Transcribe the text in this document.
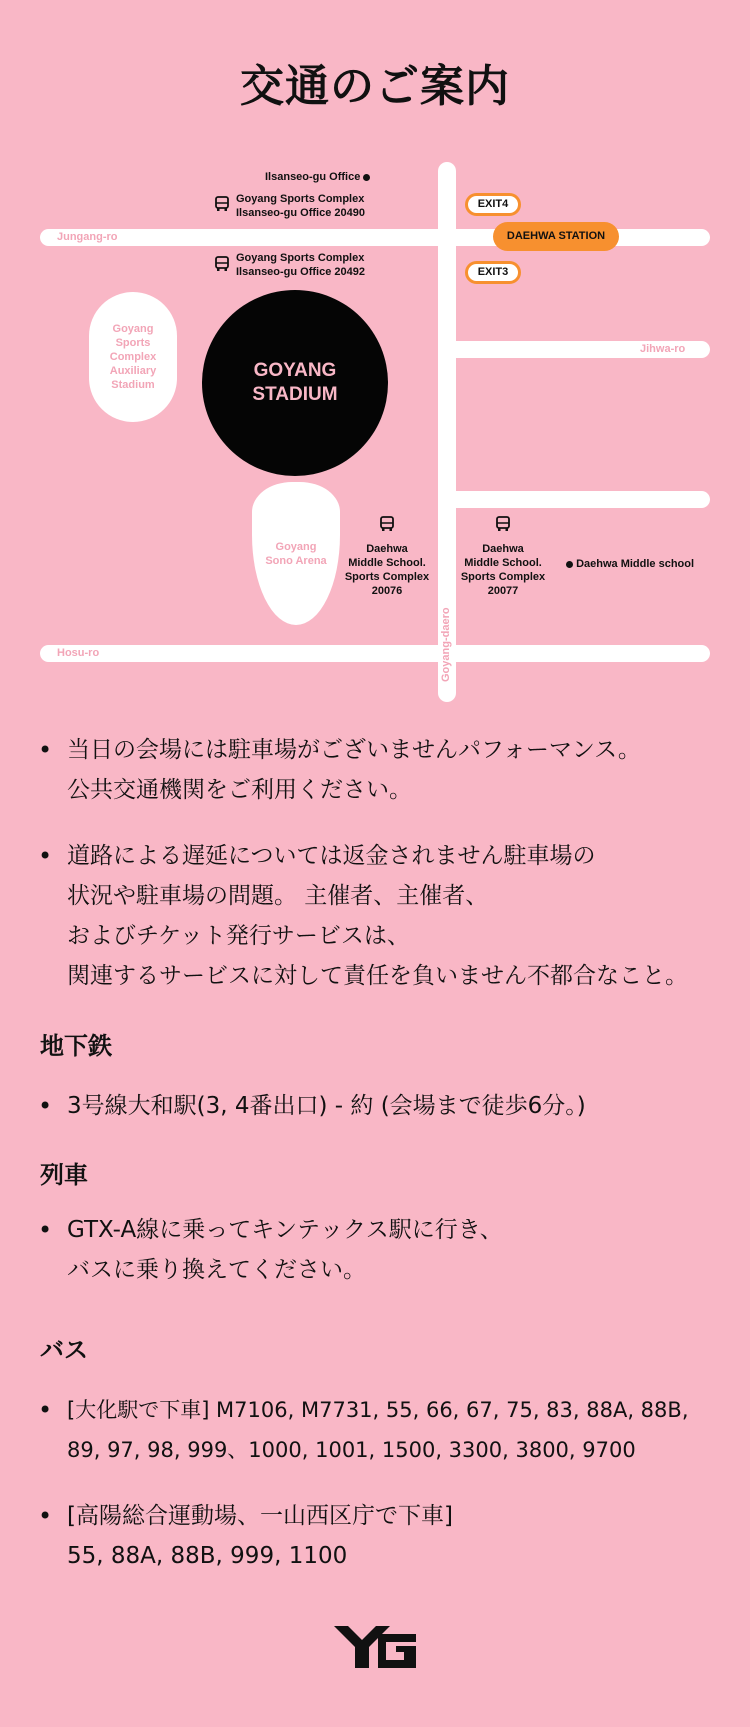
交通のご案内
Jungang-ro
Jihwa-ro
Hosu-ro	Goyang-daero
Ilsanseo-gu Office
Goyang Sports Complex
Ilsanseo-gu Office 20490
Goyang Sports Complex
Ilsanseo-gu Office 20492
EXIT4
DAEHWA STATION
EXIT3
Goyang
Sports
Complex
Auxiliary
Stadium
GOYANG
STADIUM
Goyang
Sono Arena
Daehwa
Middle School.
Sports Complex
20076
Daehwa
Middle School.
Sports Complex
20077
Daehwa Middle school
• 当日の会場には駐車場がございませんパフォーマンス。
公共交通機関をご利用ください。
• 道路による遅延については返金されません駐車場の
状況や駐車場の問題。 主催者、主催者、
およびチケット発行サービスは、
関連するサービスに対して責任を負いません不都合なこと。
地下鉄
• 3号線大和駅(3, 4番出口) - 約 (会場まで徒歩6分。)
列車
• GTX-A線に乗ってキンテックス駅に行き、
バスに乗り換えてください。
バス
• [大化駅で下車] M7106, M7731, 55, 66, 67, 75, 83, 88A, 88B,
89, 97, 98, 999、1000, 1001, 1500, 3300, 3800, 9700
• [高陽総合運動場、一山西区庁で下車]
55, 88A, 88B, 999, 1100
